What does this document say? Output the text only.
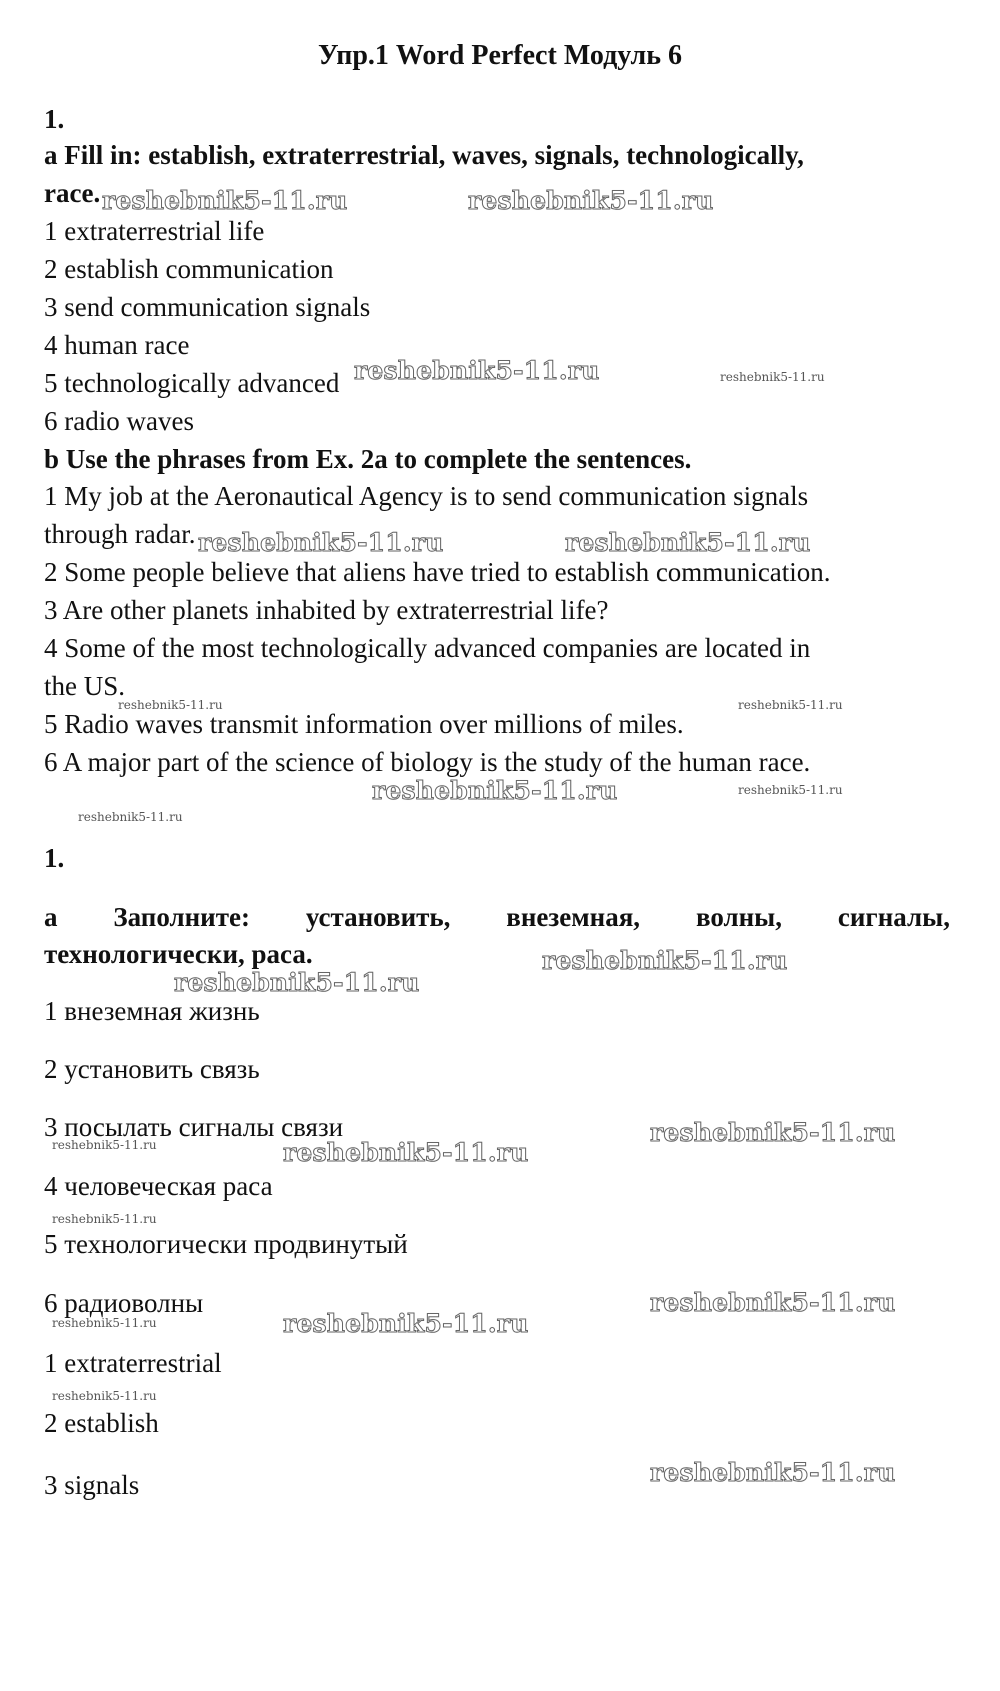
Упр.1 Word Perfect Модуль 6
1.
a Fill in: establish, extraterrestrial, waves, signals, technologically,
race.
1 extraterrestrial life
2 establish communication
3 send communication signals
4 human race
5 technologically advanced
6 radio waves
b Use the phrases from Ex. 2a to complete the sentences.
1 My job at the Aeronautical Agency is to send communication signals
through radar.
2 Some people believe that aliens have tried to establish communication.
3 Are other planets inhabited by extraterrestrial life?
4 Some of the most technologically advanced companies are located in
the US.
5 Radio waves transmit information over millions of miles.
6 A major part of the science of biology is the study of the human race.
1.
a Заполните: установить, внеземная, волны, сигналы,
технологически, раса.
1 внеземная жизнь
2 установить связь
3 посылать сигналы связи
4 человеческая раса
5 технологически продвинутый
6 радиоволны
1 extraterrestrial
2 establish
3 signals
reshebnik5-11.ru	reshebnik5-11.ru
reshebnik5-11.ru	reshebnik5-11.ru
reshebnik5-11.ru	reshebnik5-11.ru
reshebnik5-11.ru	reshebnik5-11.ru
reshebnik5-11.ru	reshebnik5-11.ru
reshebnik5-11.ru
reshebnik5-11.ru
reshebnik5-11.ru
reshebnik5-11.ru
reshebnik5-11.ru	reshebnik5-11.ru
reshebnik5-11.ru
reshebnik5-11.ru
reshebnik5-11.ru	reshebnik5-11.ru
reshebnik5-11.ru
reshebnik5-11.ru
